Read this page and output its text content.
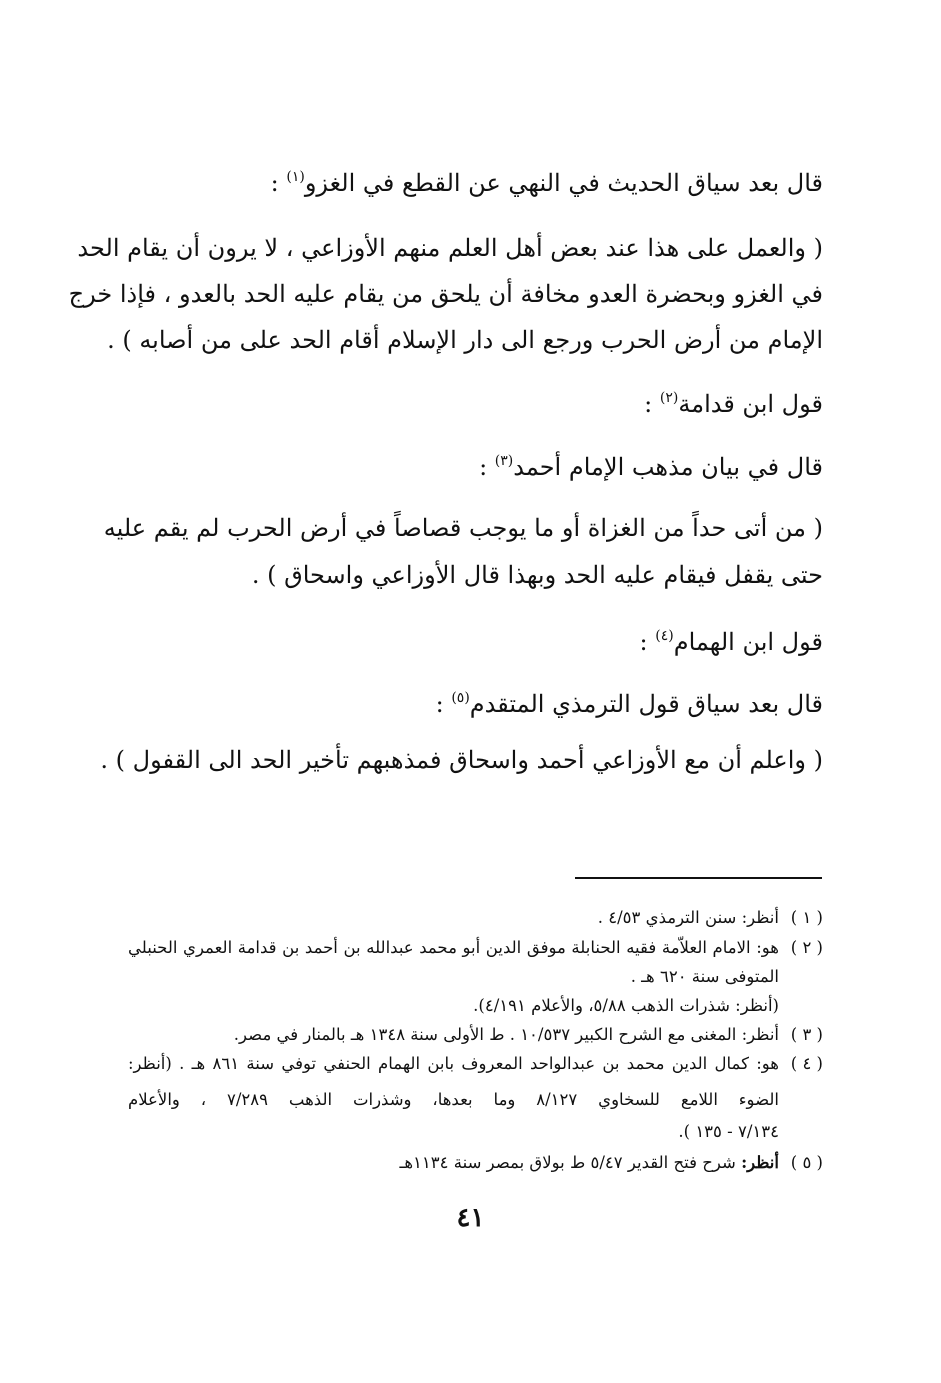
قال بعد سياق الحديث في النهي عن القطع في الغزو$^{(١)}$ :
( والعمل على هذا عند بعض أهل العلم منهم الأوزاعي ، لا يرون أن يقام الحد
في الغزو وبحضرة العدو مخافة أن يلحق من يقام عليه الحد بالعدو ، فإذا خرج
الإمام من أرض الحرب ورجع الى دار الإسلام أقام الحد على من أصابه ) .
قول ابن قدامة$^{(٢)}$ :
قال في بيان مذهب الإمام أحمد$^{(٣)}$ :
( من أتى حداً من الغزاة أو ما يوجب قصاصاً في أرض الحرب لم يقم عليه
حتى يقفل فيقام عليه الحد وبهذا قال الأوزاعي واسحاق ) .
قول ابن الهمام$^{(٤)}$ :
قال بعد سياق قول الترمذي المتقدم$^{(٥)}$ :
( واعلم أن مع الأوزاعي أحمد واسحاق فمذهبهم تأخير الحد الى القفول ) .
( ١ )
أنظر: سنن الترمذي ٤/٥٣ .
( ٢ )
هو: الامام العلاّمة فقيه الحنابلة موفق الدين أبو محمد عبدالله بن أحمد بن قدامة العمري الحنبلي
المتوفى سنة ٦٢٠ هـ .
(أنظر: شذرات الذهب ٥/٨٨، والأعلام ٤/١٩١).
( ٣ )
أنظر: المغنى مع الشرح الكبير ١٠/٥٣٧ . ط الأولى سنة ١٣٤٨ هـ بالمنار في مصر.
( ٤ )
هو: كمال الدين محمد بن عبدالواحد المعروف بابن الهمام الحنفي توفي سنة ٨٦١ هـ . (أنظر:
الضوء اللامع للسخاوي ٨/١٢٧ وما بعدها، وشذرات الذهب ٧/٢٨٩ ، والأعلام
٧/١٣٤ - ١٣٥ ).
( ٥ )
أنظر: شرح فتح القدير ٥/٤٧ ط بولاق بمصر سنة ١١٣٤هـ
٤١
